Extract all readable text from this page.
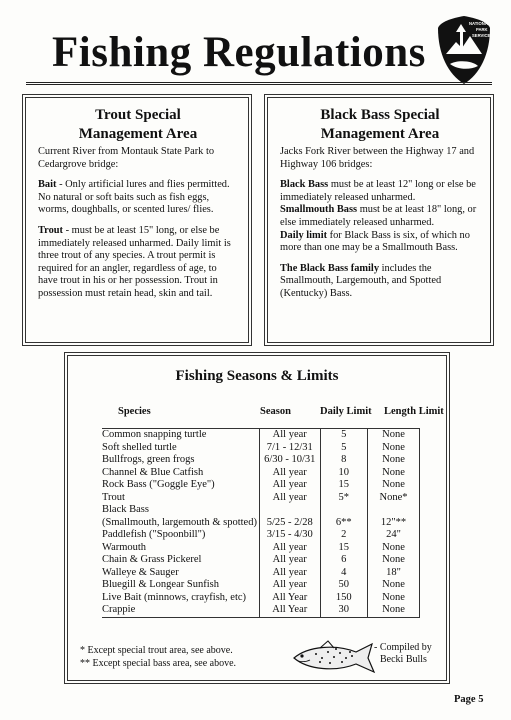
Fishing Regulations
NATIONAL
PARK
SERVICE
Trout Special
Management Area

Current River from Montauk State Park to Cedargrove bridge:

Bait - Only artificial lures and flies permitted. No natural or soft baits such as fish eggs, worms, doughballs, or scented lures/ flies.

Trout - must be at least 15" long, or else be immediately released unharmed. Daily limit is three trout of any species. A trout permit is required for an angler, regardless of age, to have trout in his or her possession. Trout in possession must retain head, skin and tail.

Black Bass Special
Management Area

Jacks Fork River between the Highway 17 and Highway 106 bridges:

Black Bass must be at least 12" long or else be immediately released unharmed.

Smallmouth Bass must be at least 18" long, or else immediately released unharmed.

Daily limit for Black Bass is six, of which no more than one may be a Smallmouth Bass.

The Black Bass family includes the Smallmouth, Largemouth, and Spotted (Kentucky) Bass.

Fishing Seasons & Limits
Species	Season	Daily Limit Length Limit
Common snapping turtle	All year	5	None
Soft shelled turtle	7/1 - 12/31	5	None
Bullfrogs, green frogs	6/30 - 10/31	8	None
Channel & Blue Catfish	All year	10	None
Rock Bass ("Goggle Eye")	All year	15	None
Trout	All year	5*	None*
Black Bass			
(Smallmouth, largemouth & spotted)	5/25 - 2/28	6**	12"**
Paddlefish ("Spoonbill")	3/15 - 4/30	2	24"
Warmouth	All year	15	None
Chain & Grass Pickerel	All year	6	None
Walleye & Sauger	All year	4	18"
Bluegill & Longear Sunfish	All year	50	None
Live Bait (minnows, crayfish, etc)	All Year	150	None
Crappie	All Year	30	None
* Except special trout area, see above.
** Except special bass area, see above.
- Compiled by
Becki Bulls
Page 5
